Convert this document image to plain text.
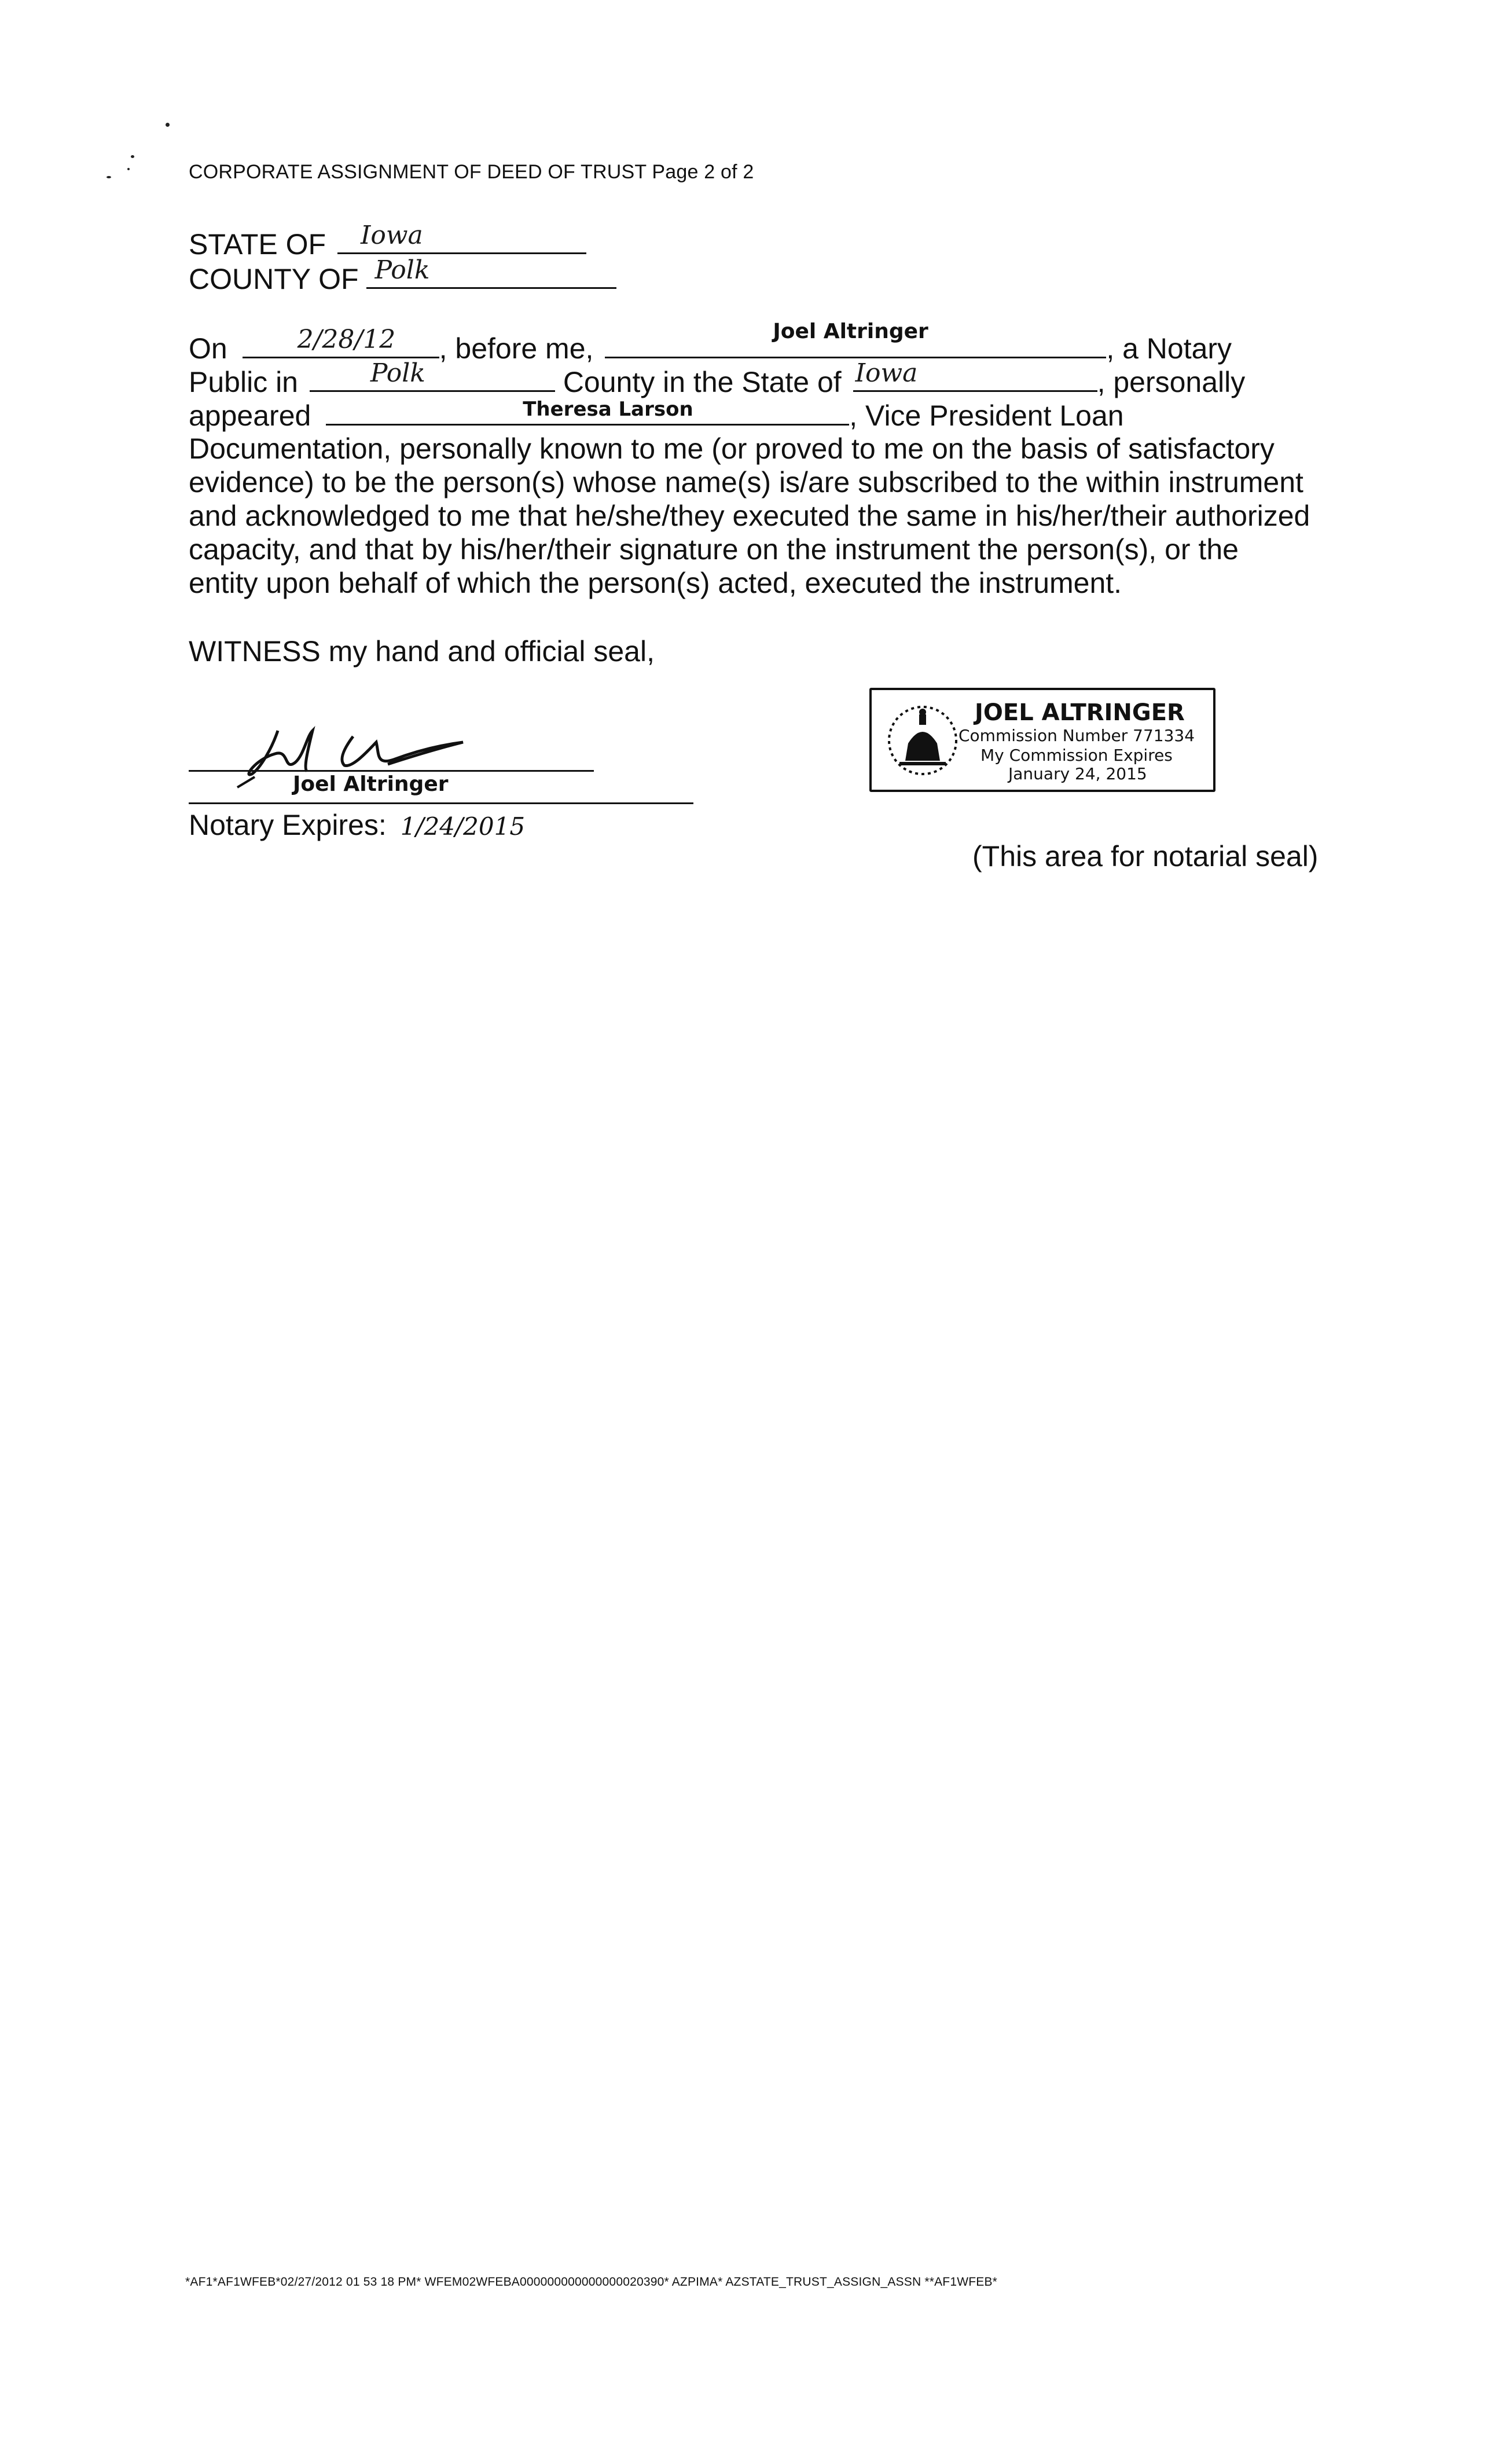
CORPORATE ASSIGNMENT OF DEED OF TRUST Page 2 of 2
STATE OF Iowa
COUNTY OF Polk
On	2/28/12 , before me,
Joel Altringer
, a Notary
Public in	Polk	County in the State of Iowa	, personally
appeared	Theresa Larson	, Vice President Loan
Documentation, personally known to me (or proved to me on the basis of satisfactory
evidence) to be the person(s) whose name(s) is/are subscribed to the within instrument
and acknowledged to me that he/she/they executed the same in his/her/their authorized
capacity, and that by his/her/their signature on the instrument the person(s), or the
entity upon behalf of which the person(s) acted, executed the instrument.
WITNESS my hand and official seal,
Joel Altringer
Notary Expires: 1/24/2015
JOEL ALTRINGER
Commission Number 771334
My Commission Expires
January 24, 2015
(This area for notarial seal)
*AF1*AF1WFEB*02/27/2012 01 53 18 PM* WFEM02WFEBA000000000000000020390* AZPIMA* AZSTATE_TRUST_ASSIGN_ASSN **AF1WFEB*
